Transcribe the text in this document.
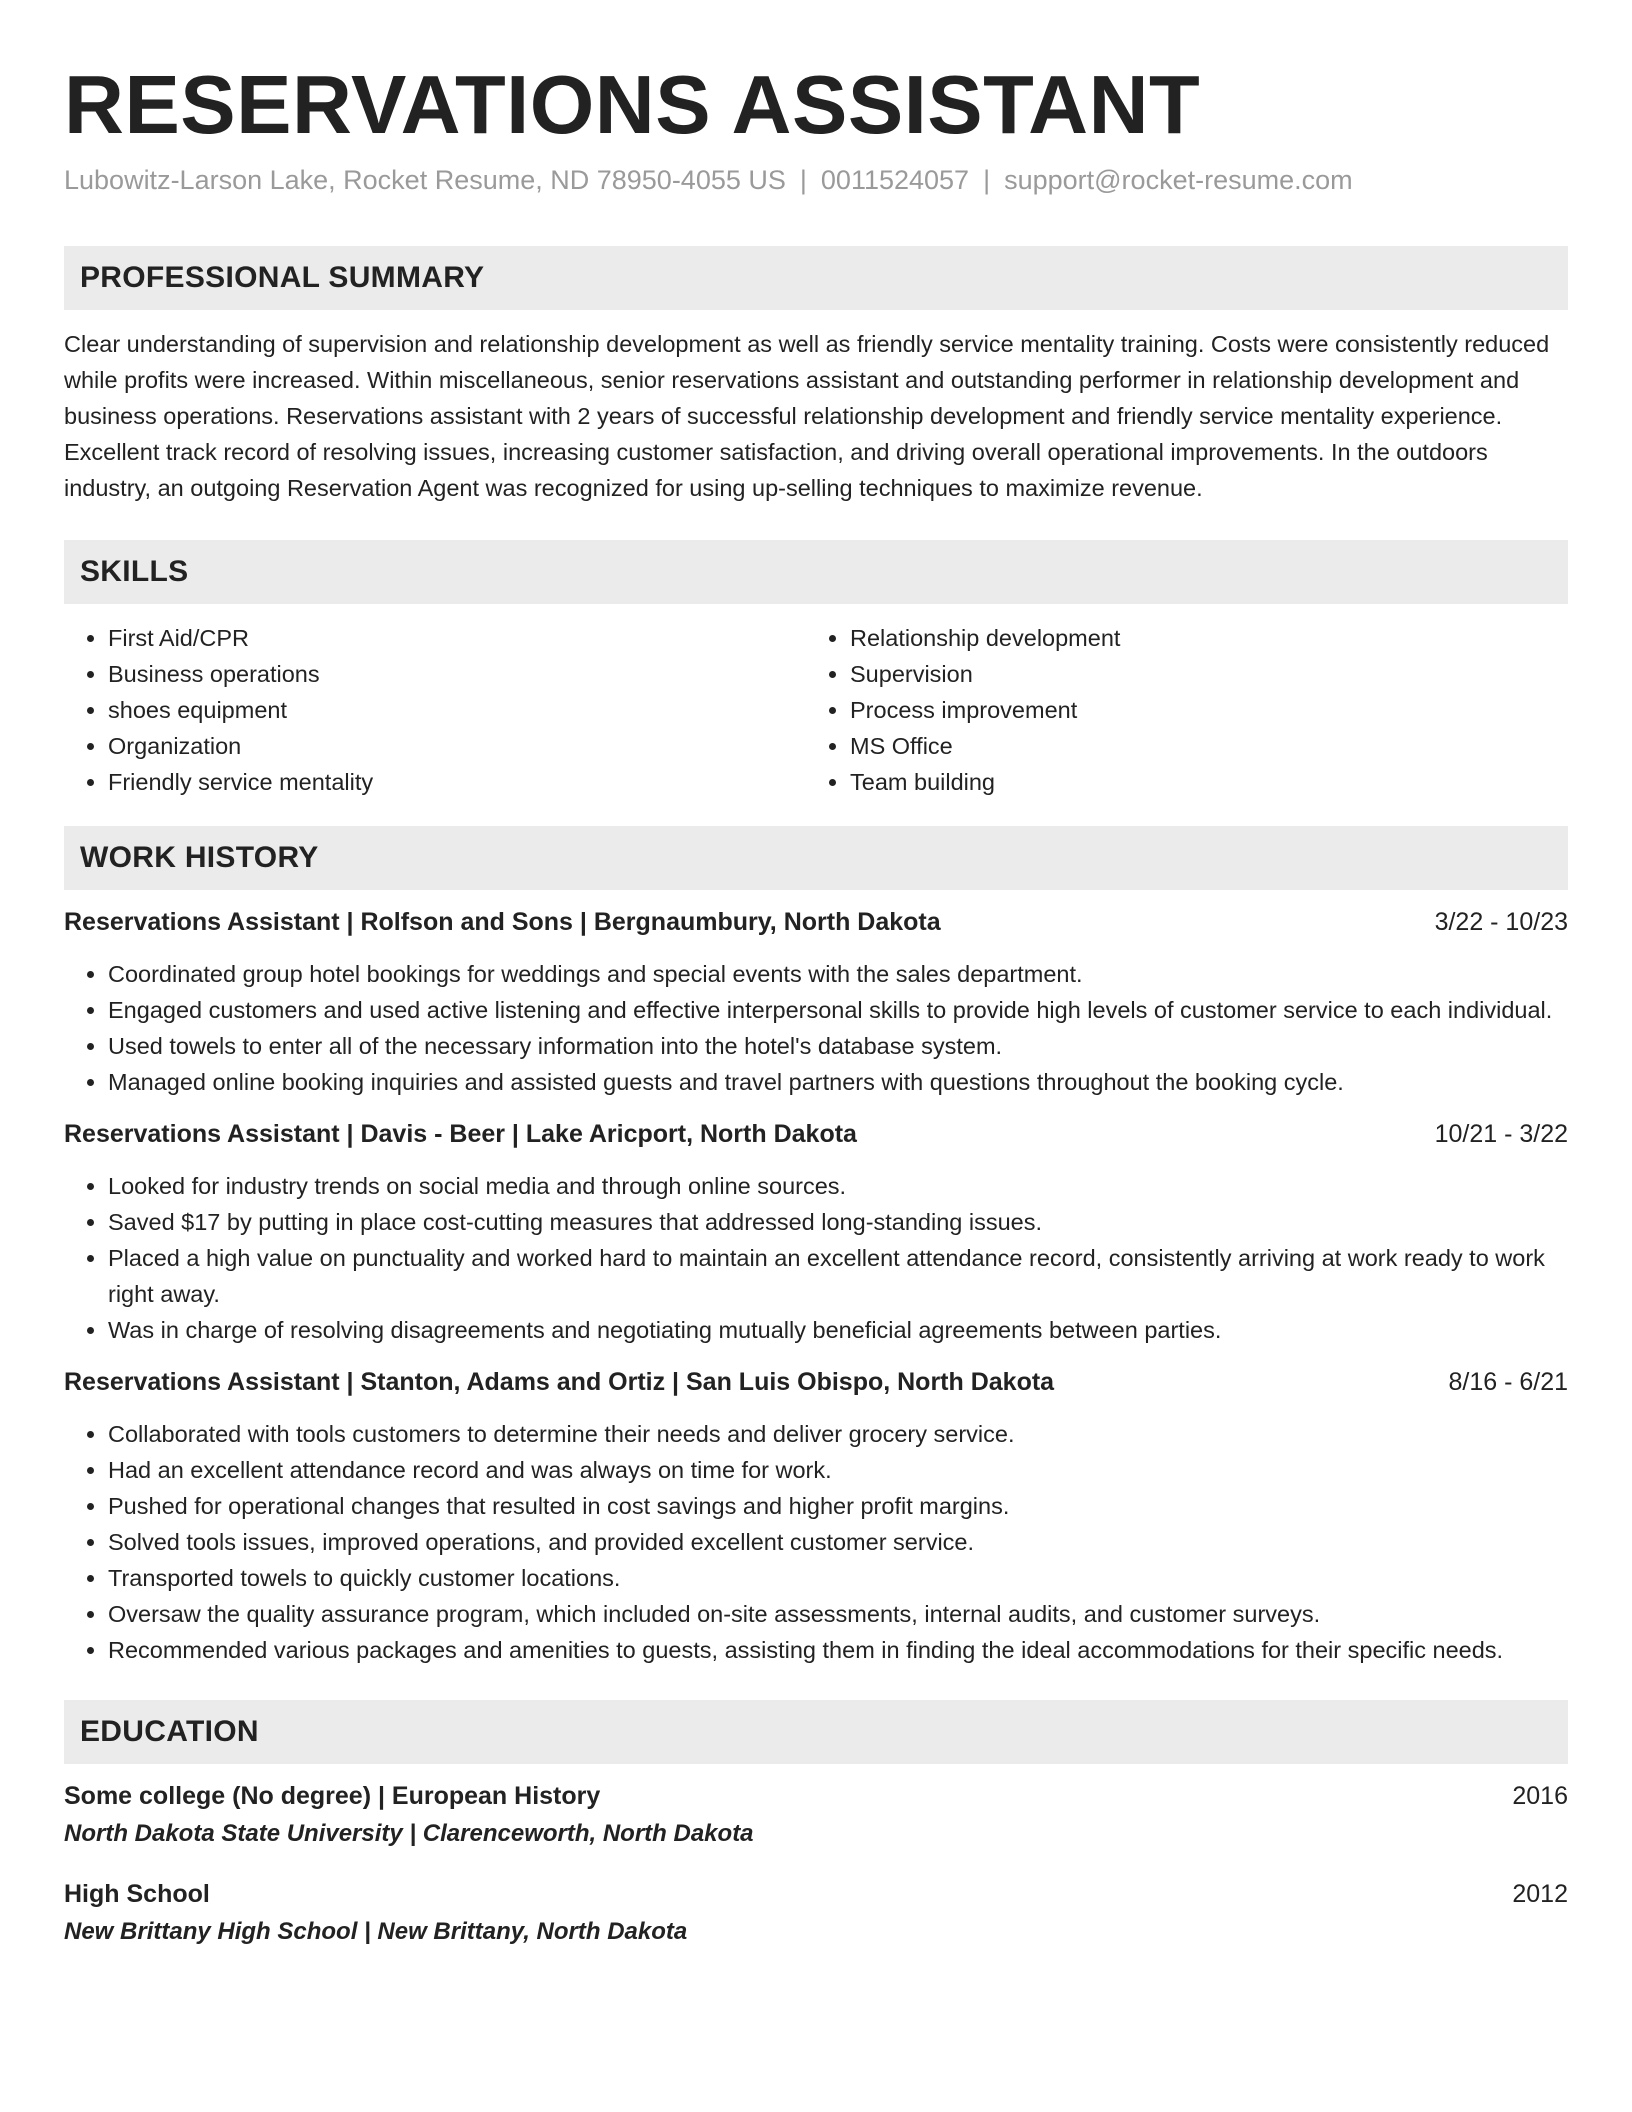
RESERVATIONS ASSISTANT
Lubowitz-Larson Lake, Rocket Resume, ND 78950-4055 US | 0011524057 | support@rocket-resume.com
PROFESSIONAL SUMMARY

Clear understanding of supervision and relationship development as well as friendly service mentality training. Costs were consistently reduced while profits were increased. Within miscellaneous, senior reservations assistant and outstanding performer in relationship development and business operations. Reservations assistant with 2 years of successful relationship development and friendly service mentality experience. Excellent track record of resolving issues, increasing customer satisfaction, and driving overall operational improvements. In the outdoors industry, an outgoing Reservation Agent was recognized for using up-selling techniques to maximize revenue.

SKILLS
• First Aid/CPR
• Business operations
• shoes equipment
• Organization
• Friendly service mentality
• Relationship development
• Supervision
• Process improvement
• MS Office
• Team building
WORK HISTORY
Reservations Assistant | Rolfson and Sons | Bergnaumbury, North Dakota	3/22 - 10/23
• Coordinated group hotel bookings for weddings and special events with the sales department.
• Engaged customers and used active listening and effective interpersonal skills to provide high levels of customer service to each individual.
• Used towels to enter all of the necessary information into the hotel's database system.
• Managed online booking inquiries and assisted guests and travel partners with questions throughout the booking cycle.
Reservations Assistant | Davis - Beer | Lake Aricport, North Dakota	10/21 - 3/22
• Looked for industry trends on social media and through online sources.
• Saved $17 by putting in place cost-cutting measures that addressed long-standing issues.
• Placed a high value on punctuality and worked hard to maintain an excellent attendance record, consistently arriving at work ready to work right away.
• Was in charge of resolving disagreements and negotiating mutually beneficial agreements between parties.
Reservations Assistant | Stanton, Adams and Ortiz | San Luis Obispo, North Dakota	8/16 - 6/21
• Collaborated with tools customers to determine their needs and deliver grocery service.
• Had an excellent attendance record and was always on time for work.
• Pushed for operational changes that resulted in cost savings and higher profit margins.
• Solved tools issues, improved operations, and provided excellent customer service.
• Transported towels to quickly customer locations.
• Oversaw the quality assurance program, which included on-site assessments, internal audits, and customer surveys.
• Recommended various packages and amenities to guests, assisting them in finding the ideal accommodations for their specific needs.
EDUCATION
Some college (No degree) | European History	2016
North Dakota State University | Clarenceworth, North Dakota
High School	2012
New Brittany High School | New Brittany, North Dakota
